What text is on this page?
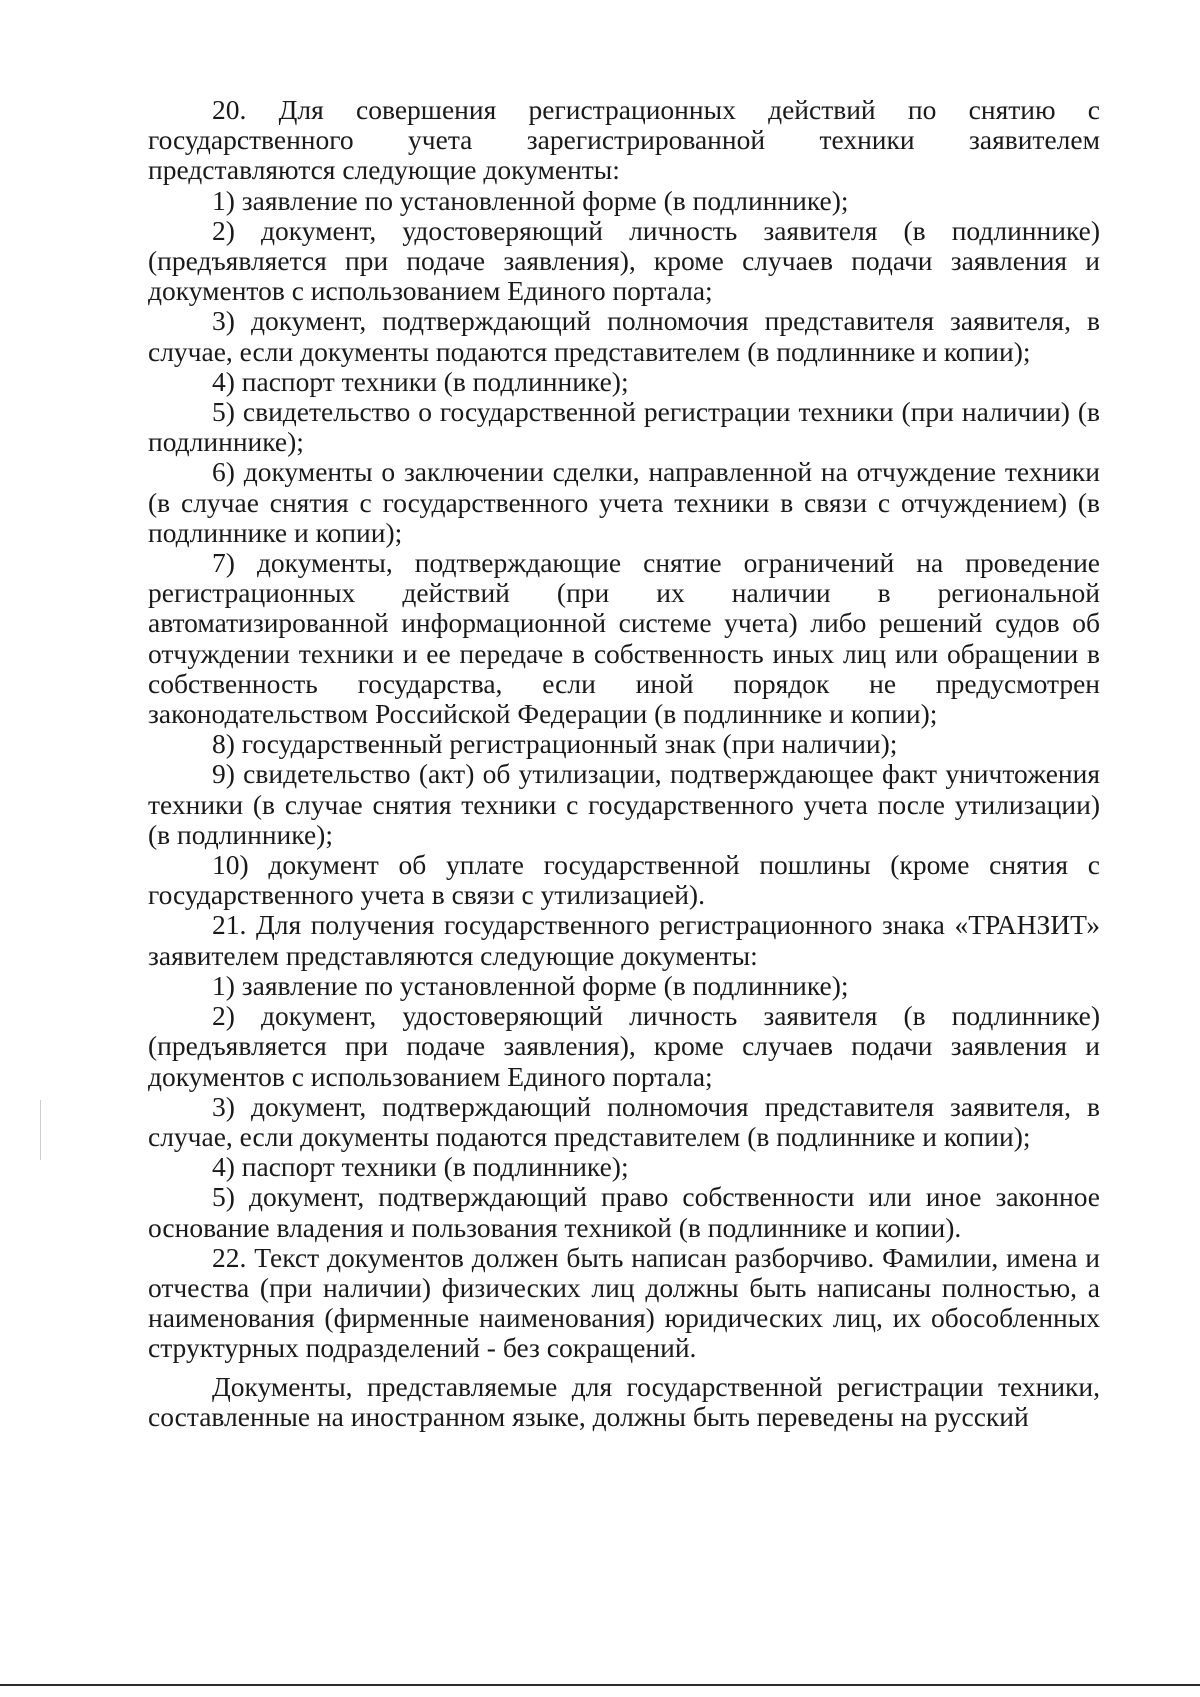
20. Для совершения регистрационных действий по снятию с государственного учета зарегистрированной техники заявителем представляются следующие документы:

1) заявление по установленной форме (в подлиннике);

2) документ, удостоверяющий личность заявителя (в подлиннике) (предъявляется при подаче заявления), кроме случаев подачи заявления и документов с использованием Единого портала;

3) документ, подтверждающий полномочия представителя заявителя, в случае, если документы подаются представителем (в подлиннике и копии);

4) паспорт техники (в подлиннике);

5) свидетельство о государственной регистрации техники (при наличии) (в подлиннике);

6) документы о заключении сделки, направленной на отчуждение техники (в случае снятия с государственного учета техники в связи с отчуждением) (в подлиннике и копии);

7) документы, подтверждающие снятие ограничений на проведение регистрационных действий (при их наличии в региональной автоматизированной информационной системе учета) либо решений судов об отчуждении техники и ее передаче в собственность иных лиц или обращении в собственность государства, если иной порядок не предусмотрен законодательством Российской Федерации (в подлиннике и копии);

8) государственный регистрационный знак (при наличии);

9) свидетельство (акт) об утилизации, подтверждающее факт уничтожения техники (в случае снятия техники с государственного учета после утилизации) (в подлиннике);

10) документ об уплате государственной пошлины (кроме снятия с государственного учета в связи с утилизацией).

21. Для получения государственного регистрационного знака «ТРАНЗИТ» заявителем представляются следующие документы:

1) заявление по установленной форме (в подлиннике);

2) документ, удостоверяющий личность заявителя (в подлиннике) (предъявляется при подаче заявления), кроме случаев подачи заявления и документов с использованием Единого портала;

3) документ, подтверждающий полномочия представителя заявителя, в случае, если документы подаются представителем (в подлиннике и копии);

4) паспорт техники (в подлиннике);

5) документ, подтверждающий право собственности или иное законное основание владения и пользования техникой (в подлиннике и копии).

22. Текст документов должен быть написан разборчиво. Фамилии, имена и отчества (при наличии) физических лиц должны быть написаны полностью, а наименования (фирменные наименования) юридических лиц, их обособленных структурных подразделений - без сокращений.

Документы, представляемые для государственной регистрации техники, составленные на иностранном языке, должны быть переведены на русский
